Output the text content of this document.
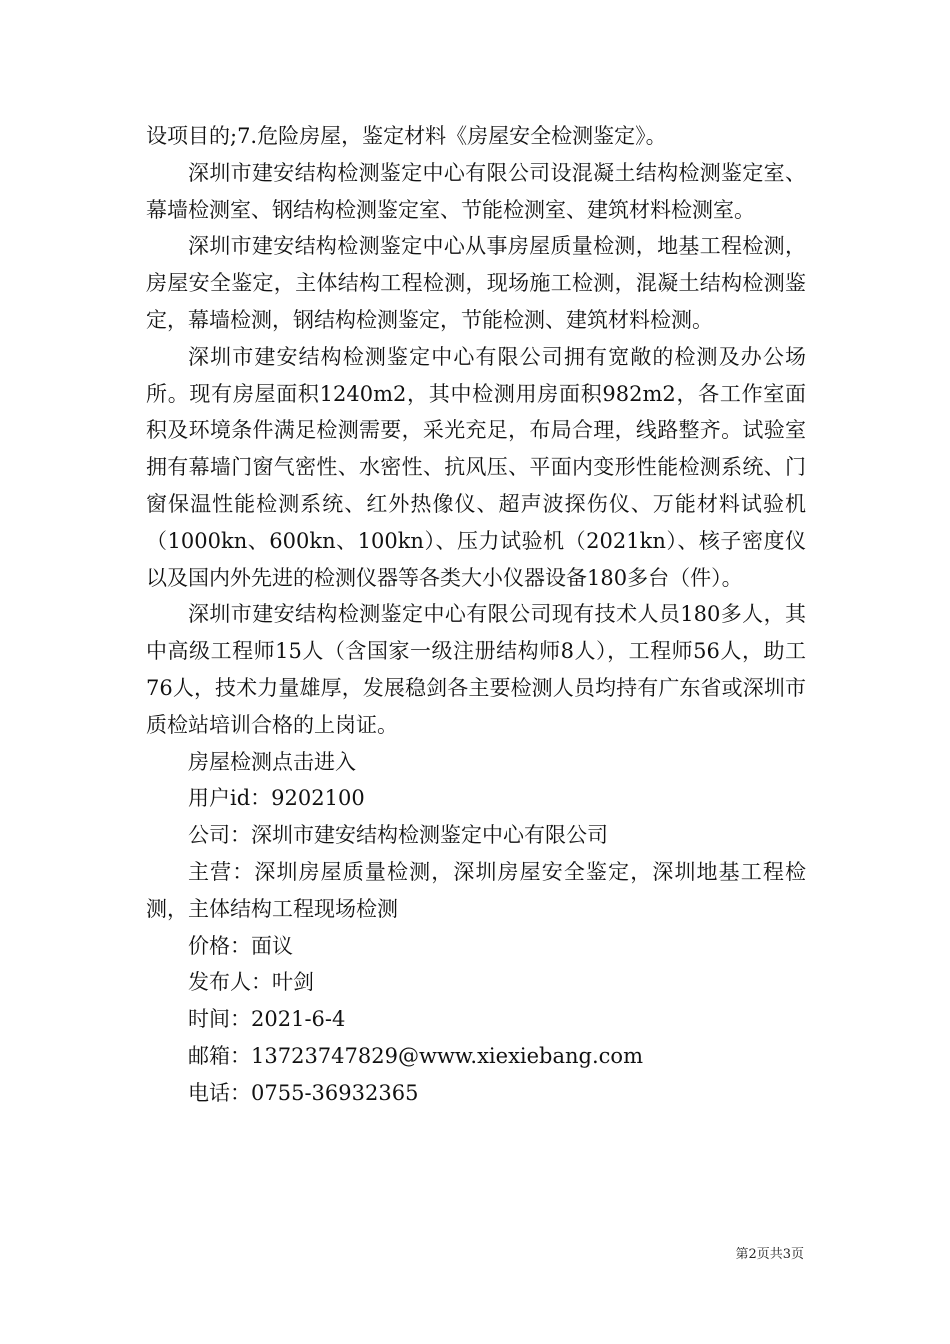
设项目的;7.危险房屋，鉴定材料《房屋安全检测鉴定》。

深圳市建安结构检测鉴定中心有限公司设混凝土结构检测鉴定室、幕墙检测室、钢结构检测鉴定室、节能检测室、建筑材料检测室。

深圳市建安结构检测鉴定中心从事房屋质量检测，地基工程检测，房屋安全鉴定，主体结构工程检测，现场施工检测，混凝土结构检测鉴定，幕墙检测，钢结构检测鉴定，节能检测、建筑材料检测。

深圳市建安结构检测鉴定中心有限公司拥有宽敞的检测及办公场所。现有房屋面积1240m2，其中检测用房面积982m2，各工作室面积及环境条件满足检测需要，采光充足，布局合理，线路整齐。试验室拥有幕墙门窗气密性、水密性、抗风压、平面内变形性能检测系统、门窗保温性能检测系统、红外热像仪、超声波探伤仪、万能材料试验机（1000kn、600kn、100kn）、压力试验机（2021kn）、核子密度仪以及国内外先进的检测仪器等各类大小仪器设备180多台（件）。

深圳市建安结构检测鉴定中心有限公司现有技术人员180多人，其中高级工程师15人（含国家一级注册结构师8人），工程师56人，助工76人，技术力量雄厚，发展稳剑各主要检测人员均持有广东省或深圳市质检站培训合格的上岗证。

房屋检测点击进入

用户id：9202100

公司：深圳市建安结构检测鉴定中心有限公司

主营：深圳房屋质量检测，深圳房屋安全鉴定，深圳地基工程检测，主体结构工程现场检测

价格：面议

发布人：叶剑

时间：2021-6-4

邮箱：13723747829@www.xiexiebang.com

电话：0755-36932365

第2页共3页
